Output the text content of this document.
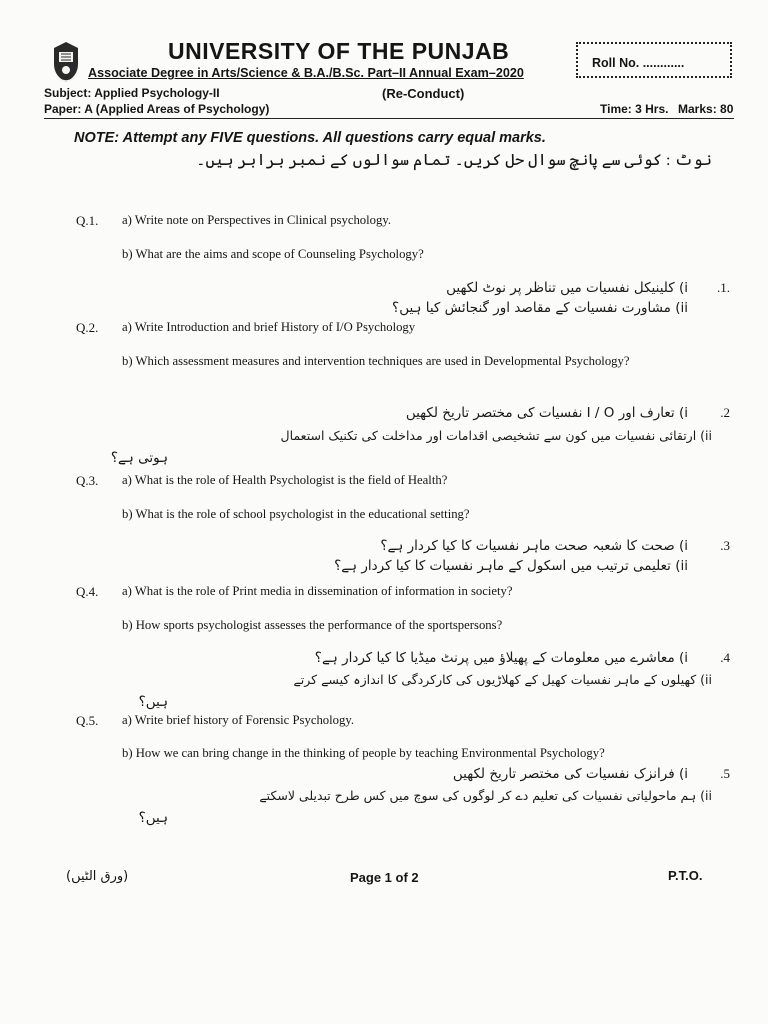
UNIVERSITY OF THE PUNJAB
Associate Degree in Arts/Science & B.A./B.Sc. Part–II Annual Exam–2020
Roll No. ............
Subject: Applied Psychology-II	(Re-Conduct)
Paper: A (Applied Areas of Psychology)	Time: 3 Hrs. Marks: 80
NOTE: Attempt any FIVE questions. All questions carry equal marks.
نوٹ : کوئی سے پانچ سوال حل کریں۔ تمام سوالوں کے نمبر برابر ہیں۔
Q.1. a) Write note on Perspectives in Clinical psychology.
b) What are the aims and scope of Counseling Psychology?
i) کلینیکل نفسیات میں تناظر پر نوٹ لکھیں	.1.
ii) مشاورت نفسیات کے مقاصد اور گنجائش کیا ہیں؟
Q.2. a) Write Introduction and brief History of I/O Psychology
b) Which assessment measures and intervention techniques are used in Developmental Psychology?
i) تعارف اور I / O نفسیات کی مختصر تاریخ لکھیں	.2
ii) ارتقائی نفسیات میں کون سے تشخیصی اقدامات اور مداخلت کی تکنیک استعمال
ہوتی ہے؟
Q.3. a) What is the role of Health Psychologist is the field of Health?
b) What is the role of school psychologist in the educational setting?
i) صحت کا شعبہ صحت ماہر نفسیات کا کیا کردار ہے؟	.3
ii) تعلیمی ترتیب میں اسکول کے ماہر نفسیات کا کیا کردار ہے؟
Q.4. a) What is the role of Print media in dissemination of information in society?
b) How sports psychologist assesses the performance of the sportspersons?
i) معاشرے میں معلومات کے پھیلاؤ میں پرنٹ میڈیا کا کیا کردار ہے؟	.4
ii) کھیلوں کے ماہر نفسیات کھیل کے کھلاڑیوں کی کارکردگی کا اندازہ کیسے کرتے
ہیں؟
Q.5. a) Write brief history of Forensic Psychology.
b) How we can bring change in the thinking of people by teaching Environmental Psychology?
i) فرانزک نفسیات کی مختصر تاریخ لکھیں	.5
ii) ہم ماحولیاتی نفسیات کی تعلیم دے کر لوگوں کی سوچ میں کس طرح تبدیلی لاسکتے
ہیں؟
(ورق الٹیں)	Page 1 of 2	P.T.O.
